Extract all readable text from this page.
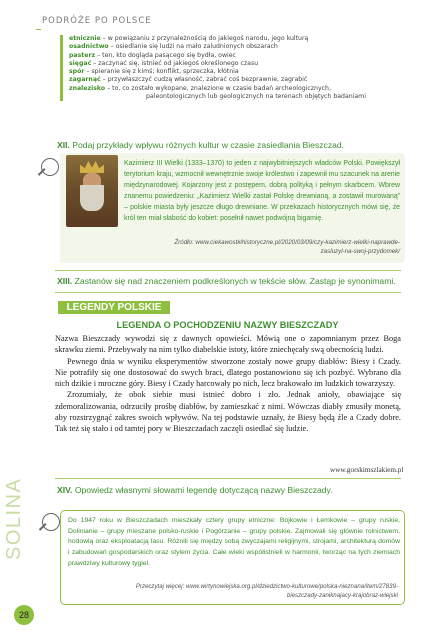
PODRÓŻE PO POLSCE
etnicznie – w powiązaniu z przynależnością do jakiegoś narodu, jego kulturą
osadnictwo – osiedlanie się ludzi na mało zaludnionych obszarach
pasterz – ten, kto dogląda pasącego się bydła, owiec
sięgać – zaczynać się, istnieć od jakiegoś określonego czasu
spór – spieranie się z kimś; konflikt, sprzeczka, kłótnia
zagarnąć – przywłaszczyć cudzą własność, zabrać coś bezprawnie, zagrabić
znalezisko – to, co zostało wykopane, znalezione w czasie badań archeologicznych,
paleontologicznych lub geologicznych na terenach objętych badaniami
XII. Podaj przykłady wpływu różnych kultur w czasie zasiedlania Bieszczad.
Kazimierz III Wielki (1333–1370) to jeden z najwybitniejszych władców Polski. Powiększył terytorium kraju, wzmocnił wewnętrznie swoje królestwo i zapewnił mu szacunek na arenie międzynarodowej. Kojarzony jest z postępem, dobrą polityką i pełnym skarbcem. Wbrew znanemu powiedzeniu: „Kazimierz Wielki zastał Polskę drewnianą, a zostawił murowaną” – polskie miasta były jeszcze długo drewniane. W przekazach historycznych mówi się, że król ten miał słabość do kobiet: posełnił nawet podwójną bigamię.
Źródło: www.ciekawostkihistoryczne.pl/2020/03/09/czy-kazimierz-wielki-naprawde-zasluzyl-na-swoj-przydomek/
XIII. Zastanów się nad znaczeniem podkreślonych w tekście słów. Zastąp je synonimami.
LEGENDY POLSKIE
LEGENDA O POCHODZENIU NAZWY BIESZCZADY

Nazwa Bieszczady wywodzi się z dawnych opowieści. Mówią one o zapomnianym przez Boga skrawku ziemi. Przebywały na nim tylko diabelskie istoty, które zniechęcały swą obecnością ludzi.

Pewnego dnia w wyniku eksperymentów stworzone zostały nowe grupy diabłów: Biesy i Czady. Nie potrafiły się one dostosować do swych braci, dlatego postanowiono się ich pozbyć. Wybrano dla nich dzikie i mroczne góry. Biesy i Czady harcowały po nich, lecz brakowało im ludzkich towarzyszy.

Zrozumiały, że obok siebie musi istnieć dobro i zło. Jednak anioły, obawiające się zdemoralizowania, odrzuciły prośbę diabłów, by zamieszkać z nimi. Wówczas diabły zmusiły monetą, aby rozstrzygnąć zakres swoich wpływów. Na tej podstawie uznały, że Biesy będą źle a Czady dobre. Tak też się stało i od tamtej pory w Bieszczadach zaczęli osiedlać się ludzie.

www.gorskimszlakiem.pl
XIV. Opowiedz własnymi słowami legendę dotyczącą nazwy Bieszczady.
SOLINA	Do 1947 roku w Bieszczadach mieszkały cztery grupy etniczne: Bojkowie i Łemkowie – grupy ruskie, Dolinianie – grupy mieszane polsko-ruskie i Pogórzanie – grupy polskie. Zajmowali się głównie rolnictwem, hodowlą oraz eksploatacją lasu. Różnili się między sobą zwyczajami religijnymi, strojami, architekturą domów i zabudowań gospodarskich oraz stylem życia. Całe wieki współistnieli w harmonii, tworząc na tych ziemiach prawdziwy kulturowy tygiel.
Przeczytaj więcej: www.wirtynowiejska.org.pl/dziedzictwo-kulturowe/polska-nieznana/item/27839-bieszczady-zaniknajacy-krajobraz-wiejski
28
